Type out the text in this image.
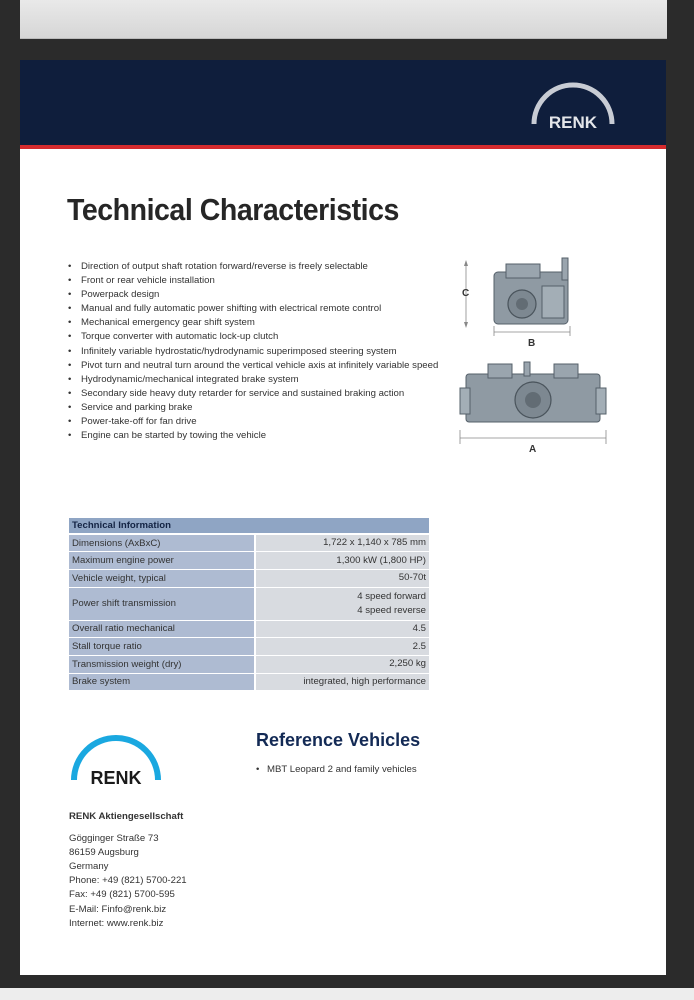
RENK
Technical Characteristics
• Direction of output shaft rotation forward/reverse is freely selectable
• Front or rear vehicle installation
• Powerpack design
• Manual and fully automatic power shifting with electrical remote control
• Mechanical emergency gear shift system
• Torque converter with automatic lock-up clutch
• Infinitely variable hydrostatic/hydrodynamic superimposed steering system
• Pivot turn and neutral turn around the vertical vehicle axis at infinitely variable speed
• Hydrodynamic/mechanical integrated brake system
• Secondary side heavy duty retarder for service and sustained braking action
• Service and parking brake
• Power-take-off for fan drive
• Engine can be started by towing the vehicle
C
B
A
Technical Information	
Dimensions (AxBxC)	1,722 x 1,140 x 785 mm

Maximum engine power	1,300 kW (1,800 HP)

Vehicle weight, typical	50-70t

Power shift transmission	4 speed forward
4 speed reverse

Overall ratio mechanical	4.5

Stall torque ratio	2.5

Transmission weight (dry)	2,250 kg

Brake system	integrated, high performance
RENK
Reference Vehicles
• MBT Leopard 2 and family vehicles
RENK Aktiengesellschaft
Gögginger Straße 73
86159 Augsburg
Germany
Phone: +49 (821) 5700-221
Fax: +49 (821) 5700-595
E-Mail: Finfo@renk.biz
Internet: www.renk.biz
